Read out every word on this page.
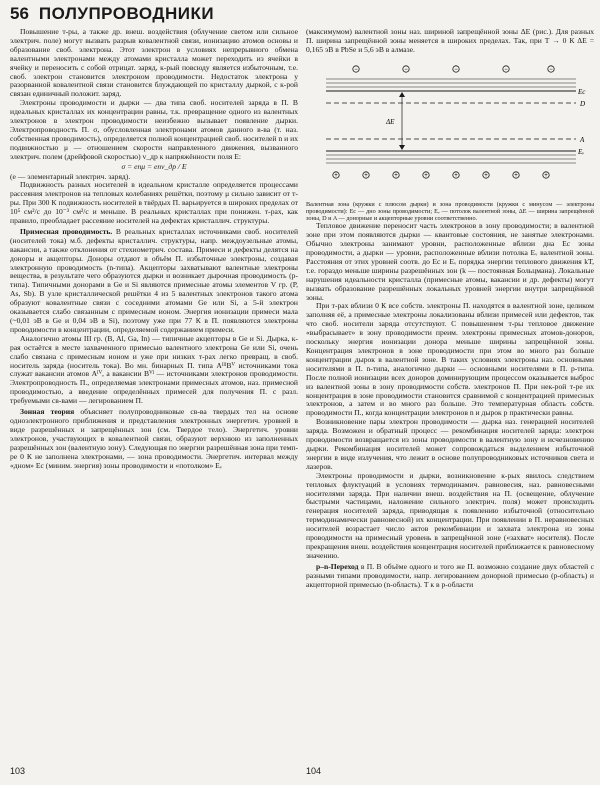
56 ПОЛУПРОВОДНИКИ

Повышение т-ры, а также др. внеш. воздействия (облучение светом или сильное электрич. поле) могут вызвать разрыв ковалентной связи, ионизацию атомов основы и образование своб. электрона. Этот электрон в условиях непрерывного обмена валентными электронами между атомами кристалла может переходить из ячейки в ячейку и переносить с собой отрицат. заряд, к-рый повсюду является избыточным, т.е. своб. электрон становится электроном проводимости. Недостаток электрона у разорванной ковалентной связи становится блуждающей по кристаллу дыркой, с к-рой связан единичный положит. заряд.

Электроны проводимости и дырки — два типа своб. носителей заряда в П. В идеальных кристаллах их концентрации равны, т.к. превращение одного из валентных электронов в электрон проводимости неизбежно вызывает появление дырки. Электропроводность П. σ, обусловленная электронами атомов данного в-ва (т. наз. собственная проводимость), определяется полной концентрацией своб. носителей n и их подвижностью μ — отношением скорости направленного движения, вызванного электрич. полем (дрейфовой скоростью) v_др к напряжённости поля E:

σ = enμ = env_др / E

(e — элементарный электрич. заряд).

Подвижность разных носителей в идеальном кристалле определяется процессами рассеяния электронов на тепловых колебаниях решётки, поэтому μ сильно зависит от т-ры. При 300 К подвижность носителей в твёрдых П. варьируется в широких пределах от 10⁵ см²/с до 10⁻³ см²/с и меньше. В реальных кристаллах при понижен. т-рах, как правило, преобладает рассеяние носителей на дефектах кристаллич. структуры.

Примесная проводимость. В реальных кристаллах источниками своб. носителей (носителей тока) м.б. дефекты кристаллич. структуры, напр. междоузельные атомы, вакансии, а также отклонения от стехиометрич. состава. Примеси и дефекты делятся на доноры и акцепторы. Доноры отдают в объём П. избыточные электроны, создавая электронную проводимость (n-типа). Акцепторы захватывают валентные электроны вещества, в результате чего образуются дырки и возникает дырочная проводимость (p-типа). Типичными донорами в Ge и Si являются примесные атомы элементов V гр. (P, As, Sb). В узле кристаллической решётки 4 из 5 валентных электронов такого атома образуют ковалентные связи с соседними атомами Ge или Si, а 5-й электрон оказывается слабо связанным с примесным ионом. Энергия ионизации примеси мала (~0,01 эВ в Ge и 0,04 эВ в Si), поэтому уже при 77 К в П. появляются электроны проводимости в концентрации, определяемой содержанием примеси.

Аналогично атомы III гр. (B, Al, Ga, In) — типичные акцепторы в Ge и Si. Дырка, к-рая остаётся в месте захваченного примесью валентного электрона Ge или Si, очень слабо связана с примесным ионом и уже при низких т-рах легко превращ. в своб. носитель заряда (носитель тока). Во мн. бинарных П. типа AᴵᴵᴵBⱽ источниками тока служат вакансии атомов Aᴵⱽ, а вакансии Bⱽᴵ — источниками электронов проводимости. Электропроводность П., определяемая электронами примесных атомов, наз. примесной проводимостью, а введение определённых примесей для получения П. с разл. требуемыми св-вами — легированием П.

Зонная теория объясняет полупроводниковые св-ва твердых тел на основе одноэлектронного приближения и представления электронных энергетич. уровней в виде разрешённых и запрещённых зон (см. Твердое тело). Энергетич. уровни электронов, участвующих в ковалентной связи, образуют верхнюю из заполненных разрешённых зон (валентную зону). Следующая по энергии разрешённая зона при темп-ре 0 К не заполнена электронами, — зона проводимости. Энергетич. интервал между «дном» Eс (миним. энергия) зоны проводимости и «потолком» Eᵥ

(максимумом) валентной зоны наз. шириной запрещённой зоны ΔE (рис.). Для разных П. ширина запрещённой зоны меняется в широких пределах. Так, при T → 0 К ΔE = 0,165 эВ в PbSe и 5,6 эВ в алмазе.

−	−	−	−	−
Eс
D
ΔE
A
Eᵥ
+	+	+	+	+	+	+	+

Валентная зона (кружки с плюсом дырки) и зона проводимости (кружки с минусом — электроны проводимости): Eс — дно зоны проводимости; Eᵥ — потолок валентной зоны, ΔE — ширина запрещённой зоны, D и A — донорные и акцепторные уровни соответственно.

Тепловое движение переносит часть электронов в зону проводимости; в валентной зоне при этом появляются дырки — квантовые состояния, не занятые электронами. Обычно электроны занимают уровни, расположенные вблизи дна Eс зоны проводимости, а дырки — уровни, расположенные вблизи потолка Eᵥ валентной зоны. Расстояния от этих уровней соотв. до Eс и Eᵥ порядка энергии теплового движения kT, т.е. гораздо меньше ширины разрешённых зон (k — постоянная Больцмана). Локальные нарушения идеальности кристалла (примесные атомы, вакансии и др. дефекты) могут вызвать образование разрешённых локальных уровней энергии внутри запрещённой зоны.

При т-рах вблизи 0 К все собств. электроны П. находятся в валентной зоне, целиком заполняя её, а примесные электроны локализованы вблизи примесей или дефектов, так что своб. носители заряда отсутствуют. С повышением т-ры тепловое движение «выбрасывает» в зону проводимости преим. электроны примесных атомов-доноров, поскольку энергия ионизации донора меньше ширины запрещённой зоны. Концентрация электронов в зоне проводимости при этом во много раз больше концентрации дырок в валентной зоне. В таких условиях электроны наз. основными носителями в П. n-типа, аналогично дырки — основными носителями в П. p-типа. После полной ионизации всех доноров доминирующим процессом оказывается выброс из валентной зоны в зону проводимости собств. электронов П. При нек-рой т-ре их концентрация в зоне проводимости становится сравнимой с концентрацией примесных электронов, а затем и во много раз больше. Это температурная область собств. проводимости П., когда концентрации электронов n и дырок p практически равны.

Возникновение пары электрон проводимости — дырка наз. генерацией носителей заряда. Возможен и обратный процесс — рекомбинация носителей заряда: электрон проводимости возвращается из зоны проводимости в валентную зону и исчезновению дырки. Рекомбинация носителей может сопровождаться выделением избыточной энергии в виде излучения, что лежит в основе полупроводниковых источников света и лазеров.

Электроны проводимости и дырки, возникновение к-рых явилось следствием тепловых флуктуаций в условиях термодинамич. равновесия, наз. равновесными носителями заряда. При наличии внеш. воздействия на П. (освещение, облучение быстрыми частицами, наложение сильного электрич. поля) может происходить генерация носителей заряда, приводящая к появлению избыточной (относительно термодинамически равновесной) их концентрации. При появлении в П. неравновесных носителей возрастает число актов рекомбинации и захвата электрона из зоны проводимости на примесный уровень в запрещённой зоне («захват» носителя). После прекращения внеш. воздействия концентрация носителей приближается к равновесному значению.

p–n-Переход в П. В объёме одного и того же П. возможно создание двух областей с разными типами проводимости, напр. легированием донорной примесью (p-область) и акцепторной примесью (n-область). Т к в p-области

103	104
